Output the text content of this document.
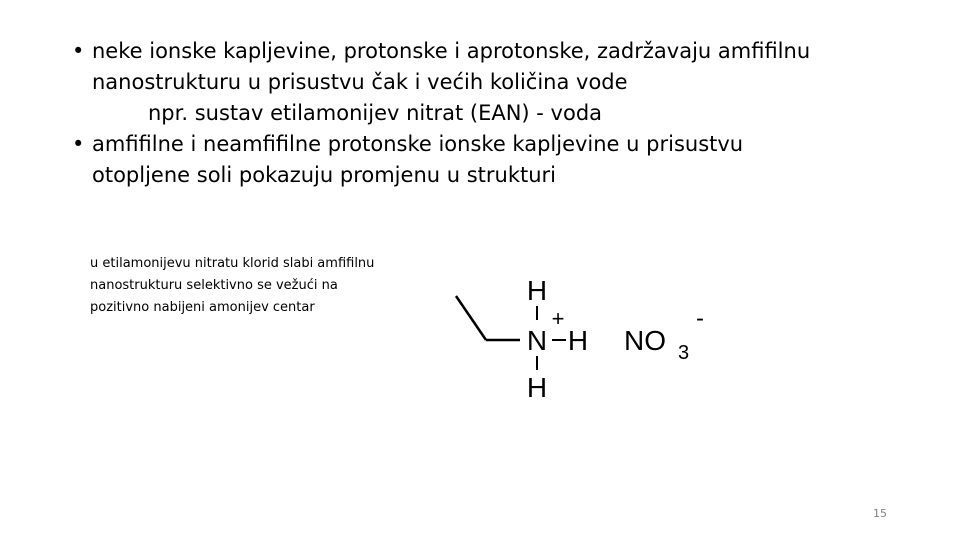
• neke ionske kapljevine, protonske i aprotonske, zadržavaju amfifilnu
nanostrukturu u prisustvu čak i većih količina vode
npr. sustav etilamonijev nitrat (EAN) - voda
• amfifilne i neamfifilne protonske ionske kapljevine u prisustvu
otopljene soli pokazuju promjenu u strukturi
u etilamonijevu nitratu klorid slabi amfifilnu nanostrukturu selektivno se vežući na pozitivno nabijeni amonijev centar
H
N
+
H
H
NO 3
-
15
